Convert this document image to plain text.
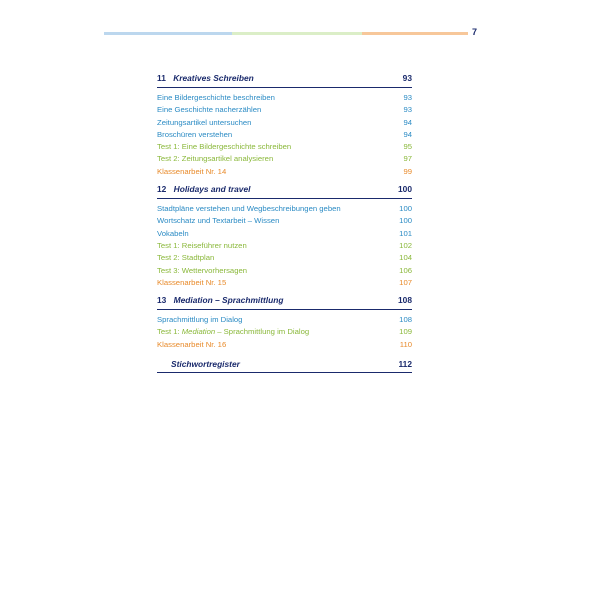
7
11 Kreatives Schreiben	93
Eine Bildergeschichte beschreiben	93
Eine Geschichte nacherzählen	93
Zeitungsartikel untersuchen	94
Broschüren verstehen	94
Test 1: Eine Bildergeschichte schreiben	95
Test 2: Zeitungsartikel analysieren	97
Klassenarbeit Nr. 14	99
12 Holidays and travel	100
Stadtpläne verstehen und Wegbeschreibungen geben	100
Wortschatz und Textarbeit – Wissen	100
Vokabeln	101
Test 1: Reiseführer nutzen	102
Test 2: Stadtplan	104
Test 3: Wettervorhersagen	106
Klassenarbeit Nr. 15	107
13 Mediation – Sprachmittlung	108
Sprachmittlung im Dialog	108
Test 1: Mediation – Sprachmittlung im Dialog	109
Klassenarbeit Nr. 16	110
Stichwortregister	112
